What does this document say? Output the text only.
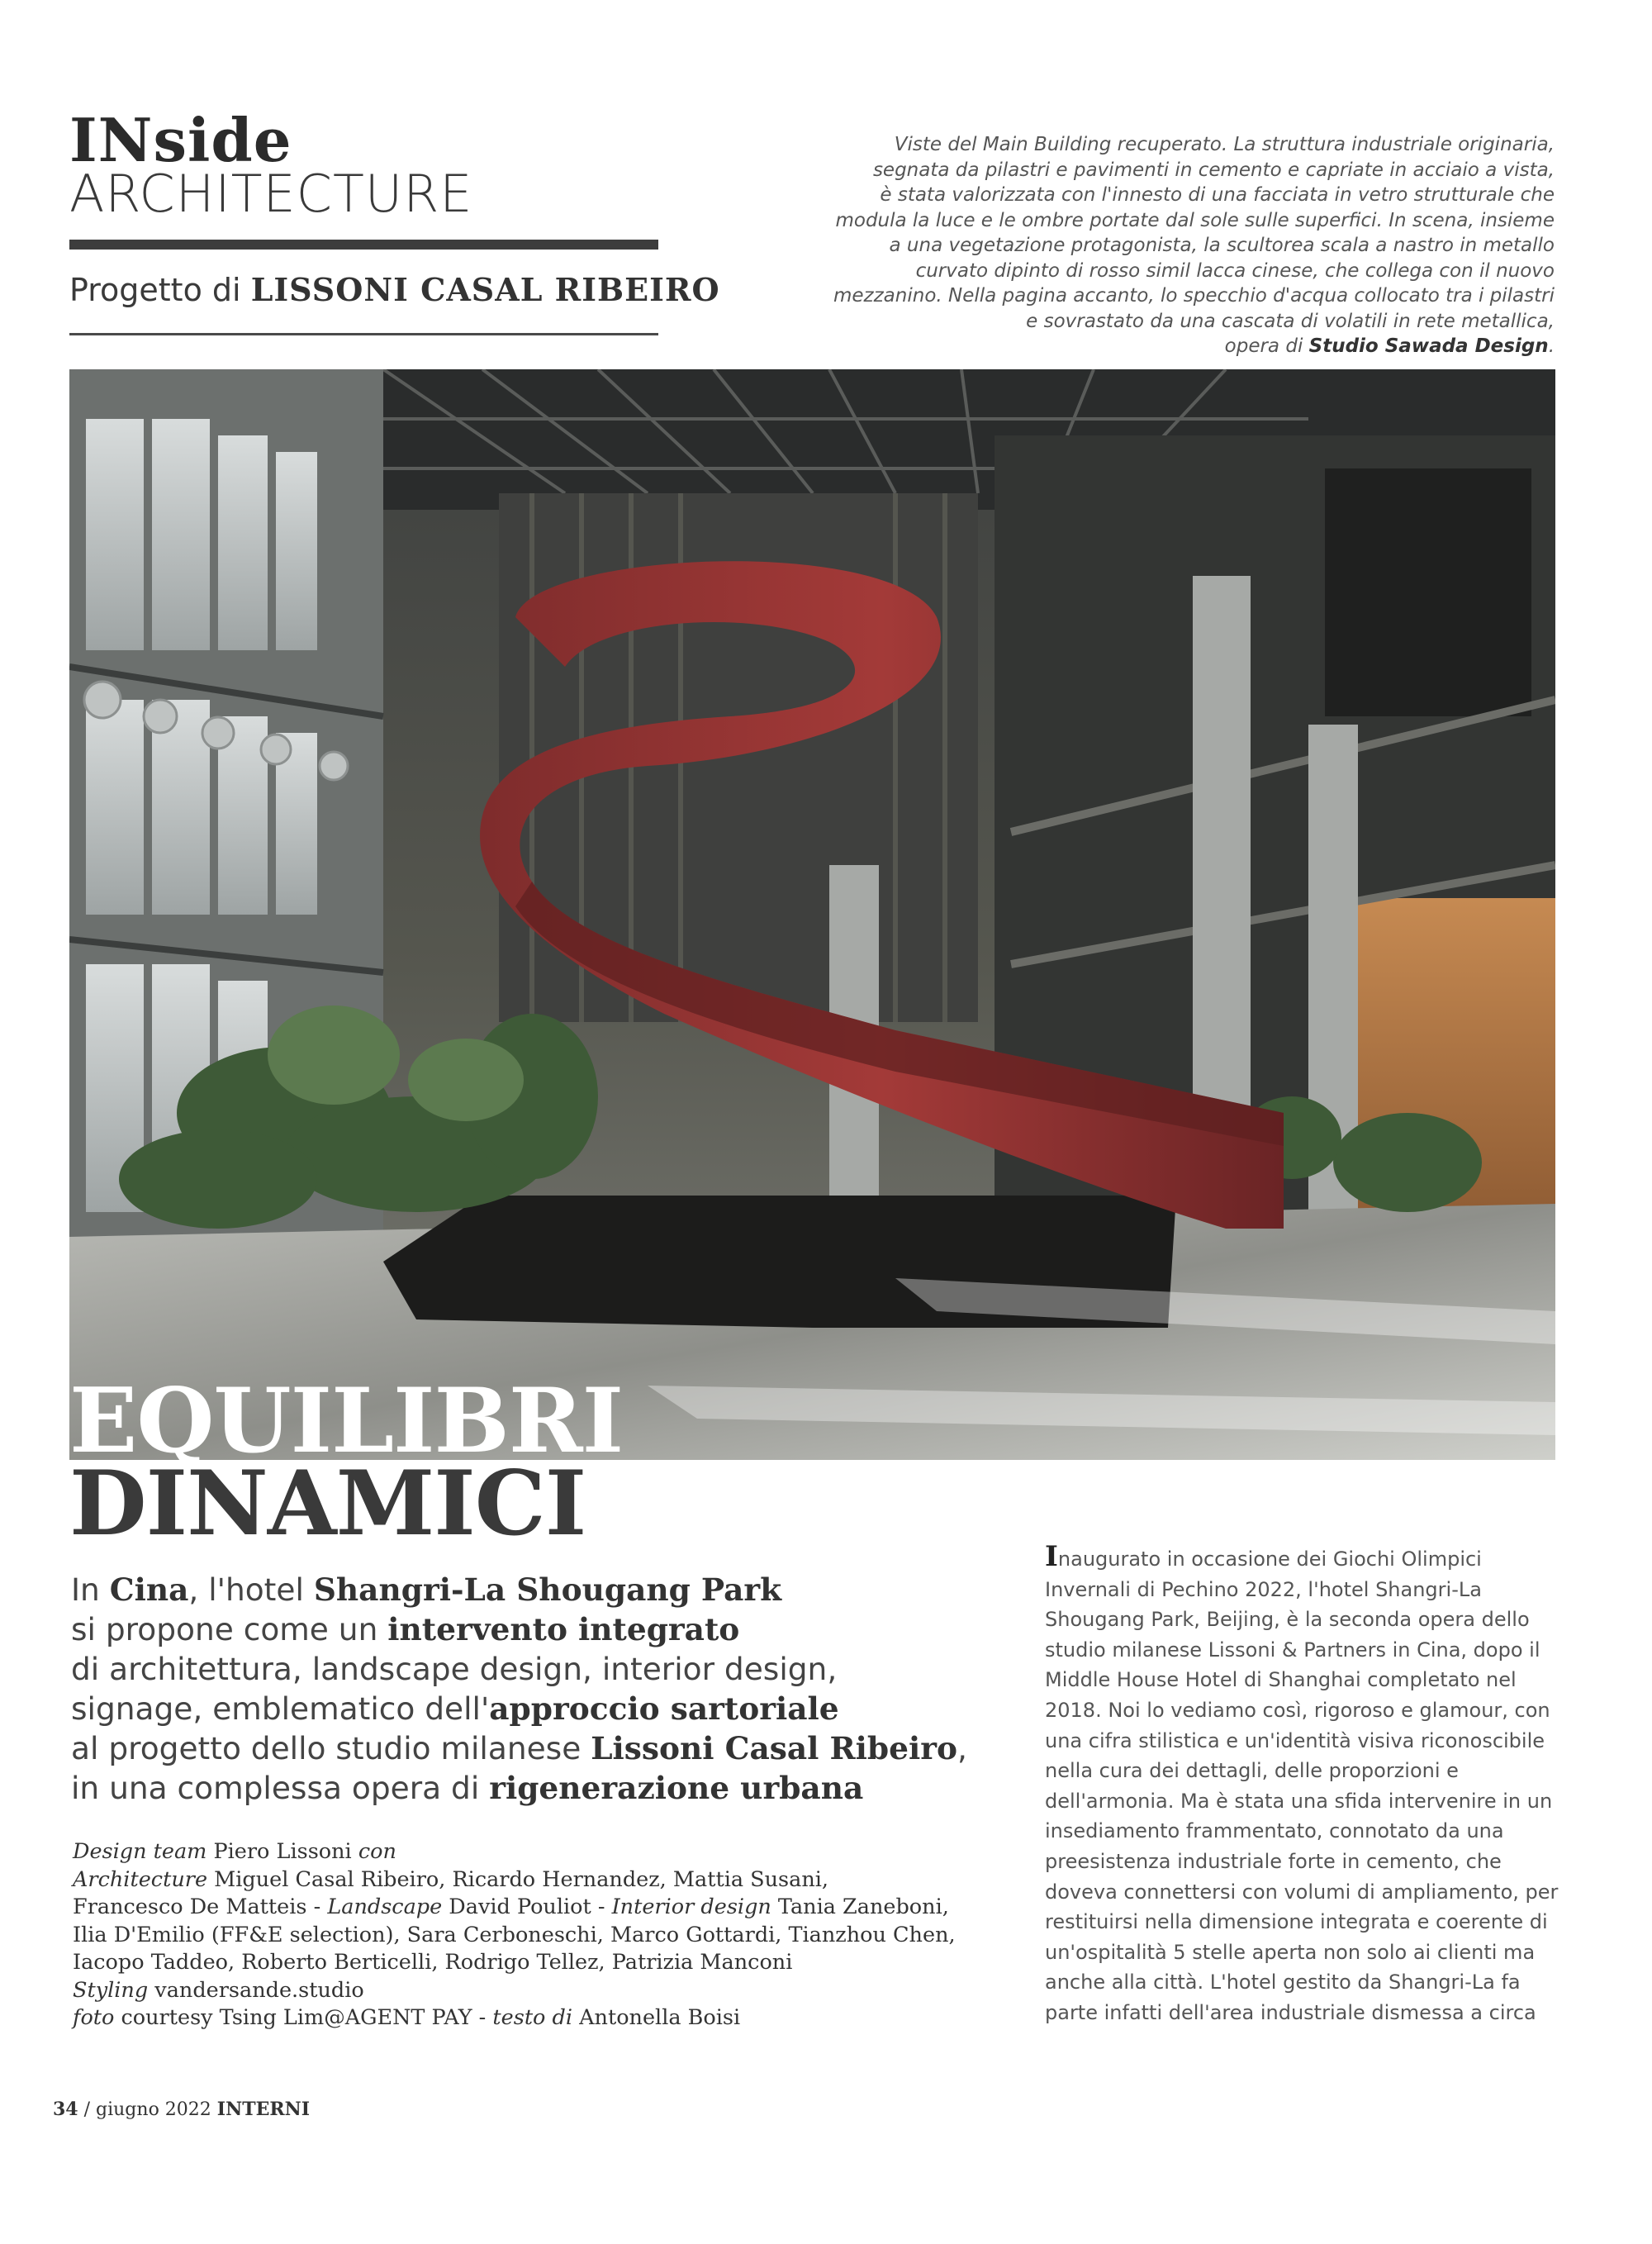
INside
ARCHITECTURE
Progetto di LISSONI CASAL RIBEIRO
Viste del Main Building recuperato. La struttura industriale originaria,
segnata da pilastri e pavimenti in cemento e capriate in acciaio a vista,
è stata valorizzata con l'innesto di una facciata in vetro strutturale che
modula la luce e le ombre portate dal sole sulle superfici. In scena, insieme
a una vegetazione protagonista, la scultorea scala a nastro in metallo
curvato dipinto di rosso simil lacca cinese, che collega con il nuovo
mezzanino. Nella pagina accanto, lo specchio d'acqua collocato tra i pilastri
e sovrastato da una cascata di volatili in rete metallica,
opera di Studio Sawada Design.
EQUILIBRI
DINAMICI
In Cina, l'hotel Shangri-La Shougang Park
si propone come un intervento integrato
di architettura, landscape design, interior design,
signage, emblematico dell'approccio sartoriale
al progetto dello studio milanese Lissoni Casal Ribeiro,
in una complessa opera di rigenerazione urbana
Design team Piero Lissoni con
Architecture Miguel Casal Ribeiro, Ricardo Hernandez, Mattia Susani,
Francesco De Matteis - Landscape David Pouliot - Interior design Tania Zaneboni,
Ilia D'Emilio (FF&E selection), Sara Cerboneschi, Marco Gottardi, Tianzhou Chen,
Iacopo Taddeo, Roberto Berticelli, Rodrigo Tellez, Patrizia Manconi
Styling vandersande.studio
foto courtesy Tsing Lim@AGENT PAY - testo di Antonella Boisi
Inaugurato in occasione dei Giochi Olimpici
Invernali di Pechino 2022, l'hotel Shangri-La
Shougang Park, Beijing, è la seconda opera dello
studio milanese Lissoni & Partners in Cina, dopo il
Middle House Hotel di Shanghai completato nel
2018. Noi lo vediamo così, rigoroso e glamour, con
una cifra stilistica e un'identità visiva riconoscibile
nella cura dei dettagli, delle proporzioni e
dell'armonia. Ma è stata una sfida intervenire in un
insediamento frammentato, connotato da una
preesistenza industriale forte in cemento, che
doveva connettersi con volumi di ampliamento, per
restituirsi nella dimensione integrata e coerente di
un'ospitalità 5 stelle aperta non solo ai clienti ma
anche alla città. L'hotel gestito da Shangri-La fa
parte infatti dell'area industriale dismessa a circa
34 / giugno 2022 INTERNI
